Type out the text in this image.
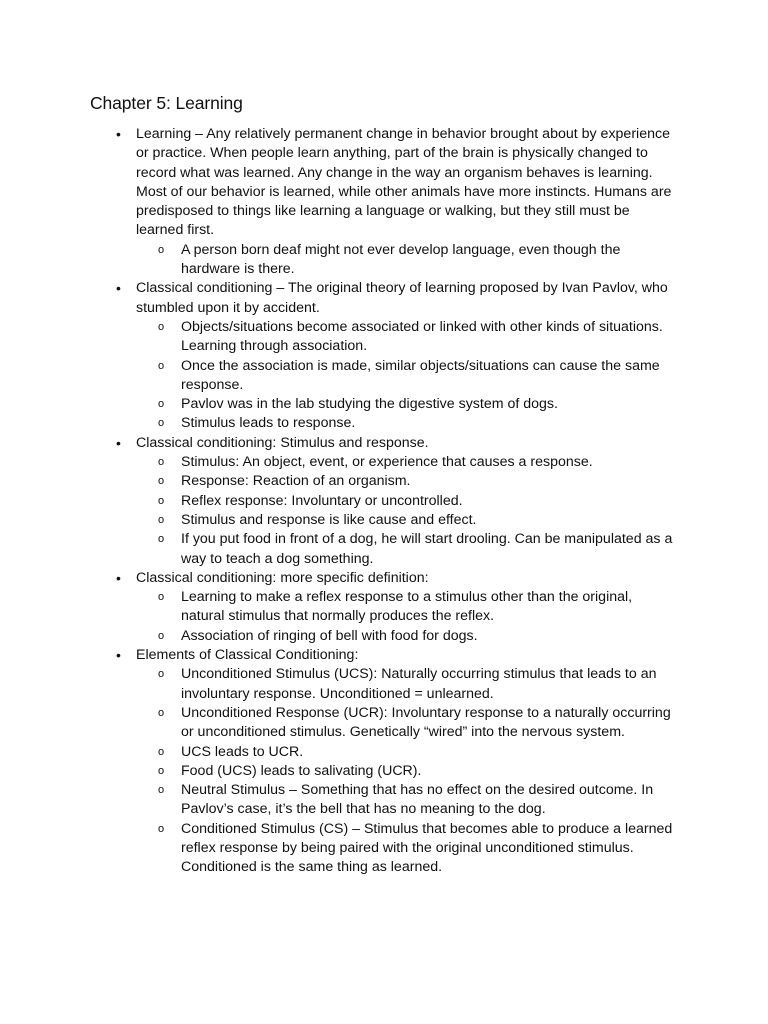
Chapter 5: Learning
• Learning – Any relatively permanent change in behavior brought about by experience or practice. When people learn anything, part of the brain is physically changed to record what was learned. Any change in the way an organism behaves is learning. Most of our behavior is learned, while other animals have more instincts. Humans are predisposed to things like learning a language or walking, but they still must be learned first.
o A person born deaf might not ever develop language, even though the hardware is there.
• Classical conditioning – The original theory of learning proposed by Ivan Pavlov, who stumbled upon it by accident.
o Objects/situations become associated or linked with other kinds of situations. Learning through association.
o Once the association is made, similar objects/situations can cause the same response.
o Pavlov was in the lab studying the digestive system of dogs.
o Stimulus leads to response.
• Classical conditioning: Stimulus and response.
o Stimulus: An object, event, or experience that causes a response.
o Response: Reaction of an organism.
o Reflex response: Involuntary or uncontrolled.
o Stimulus and response is like cause and effect.
o If you put food in front of a dog, he will start drooling. Can be manipulated as a way to teach a dog something.
• Classical conditioning: more specific definition:
o Learning to make a reflex response to a stimulus other than the original, natural stimulus that normally produces the reflex.
o Association of ringing of bell with food for dogs.
• Elements of Classical Conditioning:
o Unconditioned Stimulus (UCS): Naturally occurring stimulus that leads to an involuntary response. Unconditioned = unlearned.
o Unconditioned Response (UCR): Involuntary response to a naturally occurring or unconditioned stimulus. Genetically “wired” into the nervous system.
o UCS leads to UCR.
o Food (UCS) leads to salivating (UCR).
o Neutral Stimulus – Something that has no effect on the desired outcome. In Pavlov’s case, it’s the bell that has no meaning to the dog.
o Conditioned Stimulus (CS) – Stimulus that becomes able to produce a learned reflex response by being paired with the original unconditioned stimulus. Conditioned is the same thing as learned.
